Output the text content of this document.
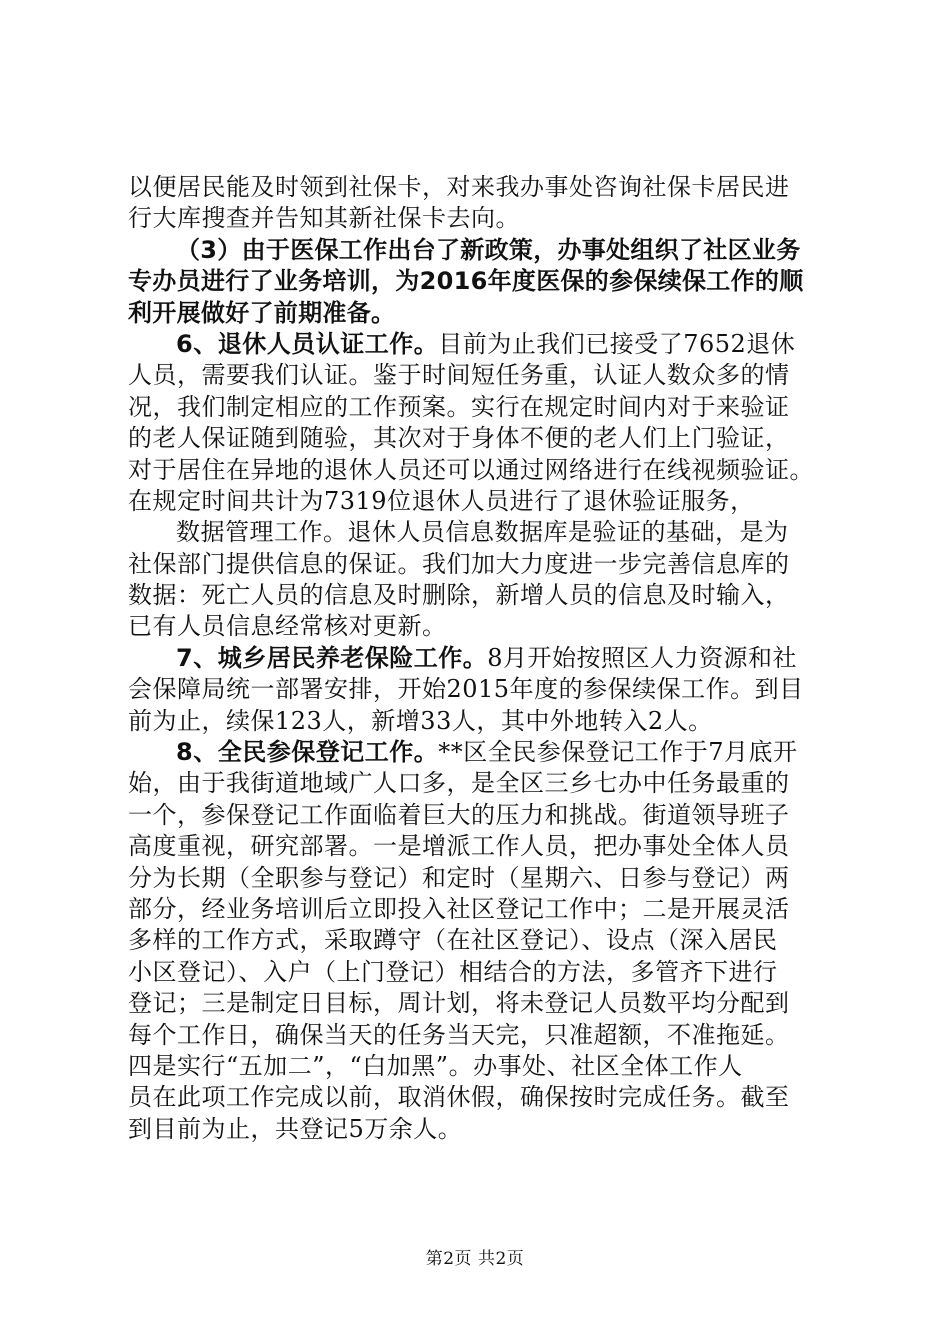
以便居民能及时领到社保卡，对来我办事处咨询社保卡居民进
行大库搜查并告知其新社保卡去向。
（3）由于医保工作出台了新政策，办事处组织了社区业务
专办员进行了业务培训，为2016年度医保的参保续保工作的顺
利开展做好了前期准备。
6、退休人员认证工作。目前为止我们已接受了7652退休
人员，需要我们认证。鉴于时间短任务重，认证人数众多的情
况，我们制定相应的工作预案。实行在规定时间内对于来验证
的老人保证随到随验，其次对于身体不便的老人们上门验证，
对于居住在异地的退休人员还可以通过网络进行在线视频验证。
在规定时间共计为7319位退休人员进行了退休验证服务，
数据管理工作。退休人员信息数据库是验证的基础，是为
社保部门提供信息的保证。我们加大力度进一步完善信息库的
数据：死亡人员的信息及时删除，新增人员的信息及时输入，
已有人员信息经常核对更新。
7、城乡居民养老保险工作。8月开始按照区人力资源和社
会保障局统一部署安排，开始2015年度的参保续保工作。到目
前为止，续保123人，新增33人，其中外地转入2人。
8、全民参保登记工作。**区全民参保登记工作于7月底开
始，由于我街道地域广人口多，是全区三乡七办中任务最重的
一个，参保登记工作面临着巨大的压力和挑战。街道领导班子
高度重视，研究部署。一是增派工作人员，把办事处全体人员
分为长期（全职参与登记）和定时（星期六、日参与登记）两
部分，经业务培训后立即投入社区登记工作中；二是开展灵活
多样的工作方式，采取蹲守（在社区登记）、设点（深入居民
小区登记）、入户（上门登记）相结合的方法，多管齐下进行
登记；三是制定日目标，周计划，将未登记人员数平均分配到
每个工作日，确保当天的任务当天完，只准超额，不准拖延。
四是实行“五加二”，“白加黑”。办事处、社区全体工作人
员在此项工作完成以前，取消休假，确保按时完成任务。截至
到目前为止，共登记5万余人。
第2页 共2页
